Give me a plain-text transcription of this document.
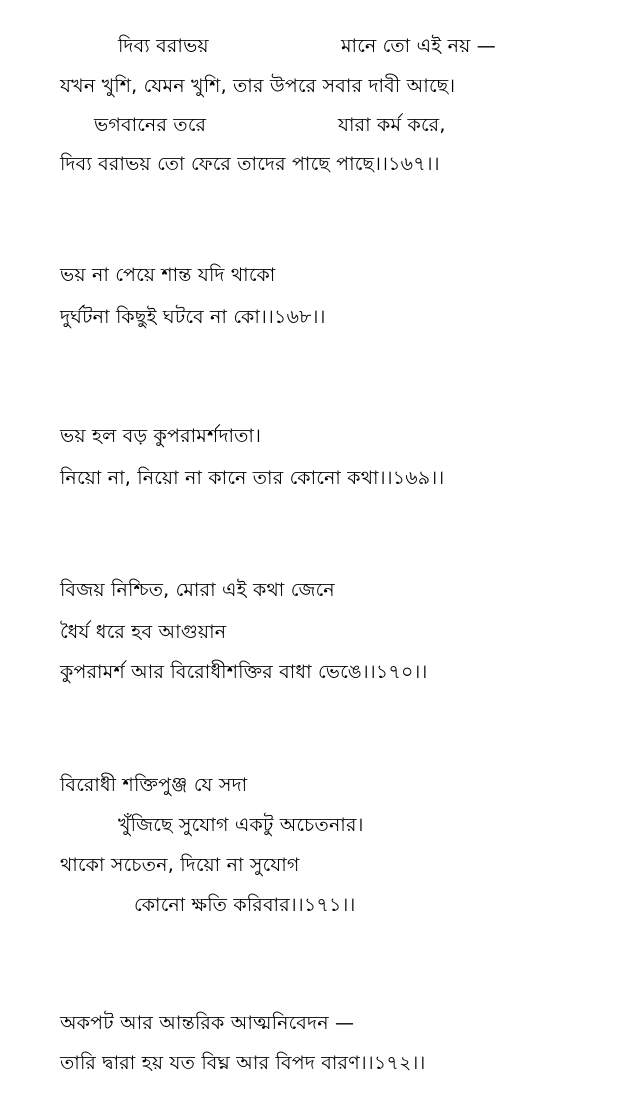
দিব্য বরাভয়	মানে তো এই নয় —
যখন খুশি, যেমন খুশি, তার উপরে সবার দাবী আছে।
ভগবানের তরে	যারা কর্ম করে,
দিব্য বরাভয় তো ফেরে তাদের পাছে পাছে।।১৬৭।।
ভয় না পেয়ে শান্ত যদি থাকো
দুর্ঘটনা কিছুই ঘটবে না কো।।১৬৮।।
ভয় হল বড় কুপরামর্শদাতা।
নিয়ো না, নিয়ো না কানে তার কোনো কথা।।১৬৯।।
বিজয় নিশ্চিত, মোরা এই কথা জেনে
ধৈর্য ধরে হব আগুয়ান
কুপরামর্শ আর বিরোধীশক্তির বাধা ভেঙে।।১৭০।।
বিরোধী শক্তিপুঞ্জ যে সদা
খুঁজিছে সুযোগ একটু অচেতনার।
থাকো সচেতন, দিয়ো না সুযোগ
কোনো ক্ষতি করিবার।।১৭১।।
অকপট আর আন্তরিক আত্মনিবেদন —
তারি দ্বারা হয় যত বিঘ্ন আর বিপদ বারণ।।১৭২।।
